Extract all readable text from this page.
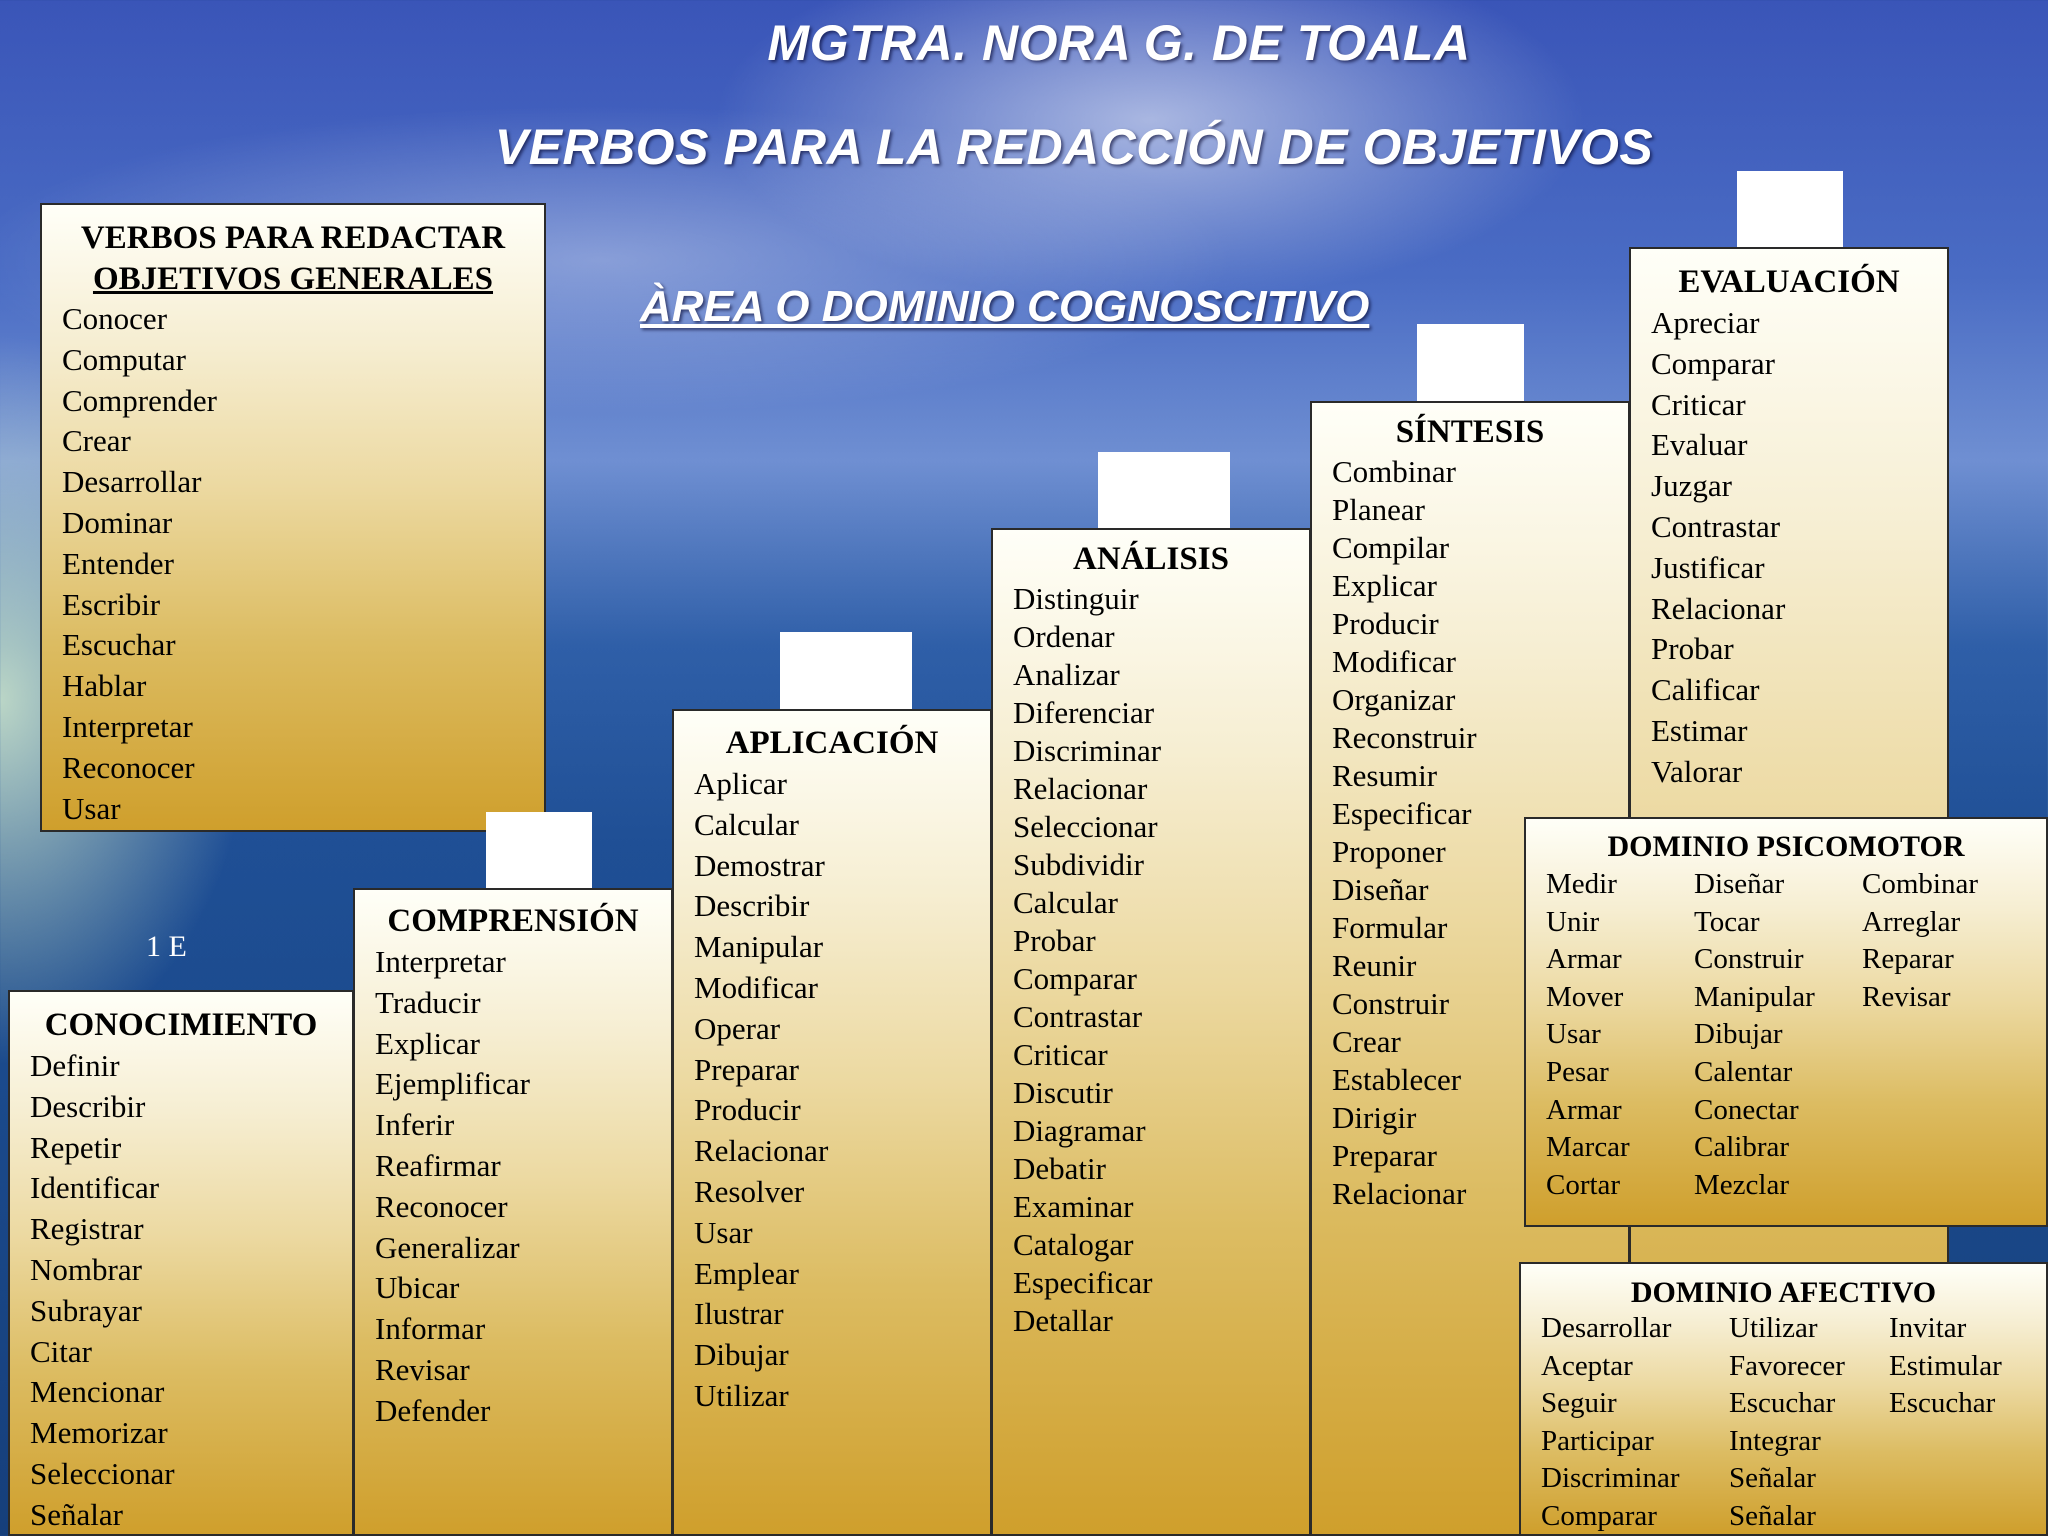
MGTRA. NORA G. DE TOALA
VERBOS PARA LA REDACCIÓN DE OBJETIVOS
ÀREA O DOMINIO COGNOSCITIVO
1 E
VERBOS PARA REDACTAR
OBJETIVOS GENERALES
Conocer
Computar
Comprender
Crear
Desarrollar
Dominar
Entender
Escribir
Escuchar
Hablar
Interpretar
Reconocer
Usar
CONOCIMIENTO
Definir
Describir
Repetir
Identificar
Registrar
Nombrar
Subrayar
Citar
Mencionar
Memorizar
Seleccionar
Señalar
COMPRENSIÓN
Interpretar
Traducir
Explicar
Ejemplificar
Inferir
Reafirmar
Reconocer
Generalizar
Ubicar
Informar
Revisar
Defender
APLICACIÓN
Aplicar
Calcular
Demostrar
Describir
Manipular
Modificar
Operar
Preparar
Producir
Relacionar
Resolver
Usar
Emplear
Ilustrar
Dibujar
Utilizar
ANÁLISIS
Distinguir
Ordenar
Analizar
Diferenciar
Discriminar
Relacionar
Seleccionar
Subdividir
Calcular
Probar
Comparar
Contrastar
Criticar
Discutir
Diagramar
Debatir
Examinar
Catalogar
Especificar
Detallar
SÍNTESIS
Combinar
Planear
Compilar
Explicar
Producir
Modificar
Organizar
Reconstruir
Resumir
Especificar
Proponer
Diseñar
Formular
Reunir
Construir
Crear
Establecer
Dirigir
Preparar
Relacionar
EVALUACIÓN
Apreciar
Comparar
Criticar
Evaluar
Juzgar
Contrastar
Justificar
Relacionar
Probar
Calificar
Estimar
Valorar
DOMINIO PSICOMOTOR
Medir
Unir
Armar
Mover
Usar
Pesar
Armar
Marcar
Cortar
Diseñar
Tocar
Construir
Manipular
Dibujar
Calentar
Conectar
Calibrar
Mezclar
Combinar
Arreglar
Reparar
Revisar
DOMINIO AFECTIVO
Desarrollar
Aceptar
Seguir
Participar
Discriminar
Comparar
Utilizar
Favorecer
Escuchar
Integrar
Señalar
Señalar
Invitar
Estimular
Escuchar
